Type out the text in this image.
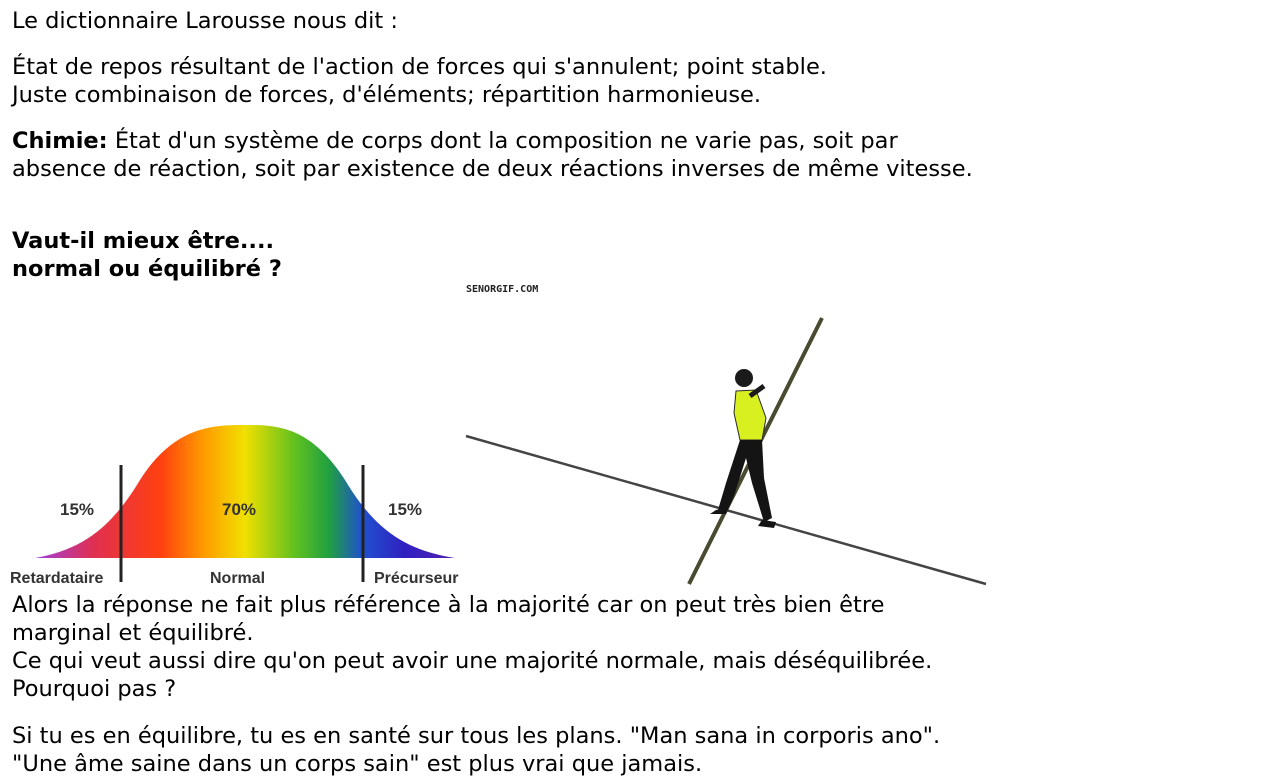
Le dictionnaire Larousse nous dit :
État de repos résultant de l'action de forces qui s'annulent; point stable.
Juste combinaison de forces, d'éléments; répartition harmonieuse.
Chimie: État d'un système de corps dont la composition ne varie pas, soit par
absence de réaction, soit par existence de deux réactions inverses de même vitesse.
Vaut-il mieux être....
normal ou équilibré ?
15%	70%	15%
Retardataire	Normal	Précurseur
SENORGIF.COM
Alors la réponse ne fait plus référence à la majorité car on peut très bien être
marginal et équilibré.
Ce qui veut aussi dire qu'on peut avoir une majorité normale, mais déséquilibrée.
Pourquoi pas ?
Si tu es en équilibre, tu es en santé sur tous les plans. "Man sana in corporis ano".
"Une âme saine dans un corps sain" est plus vrai que jamais.
